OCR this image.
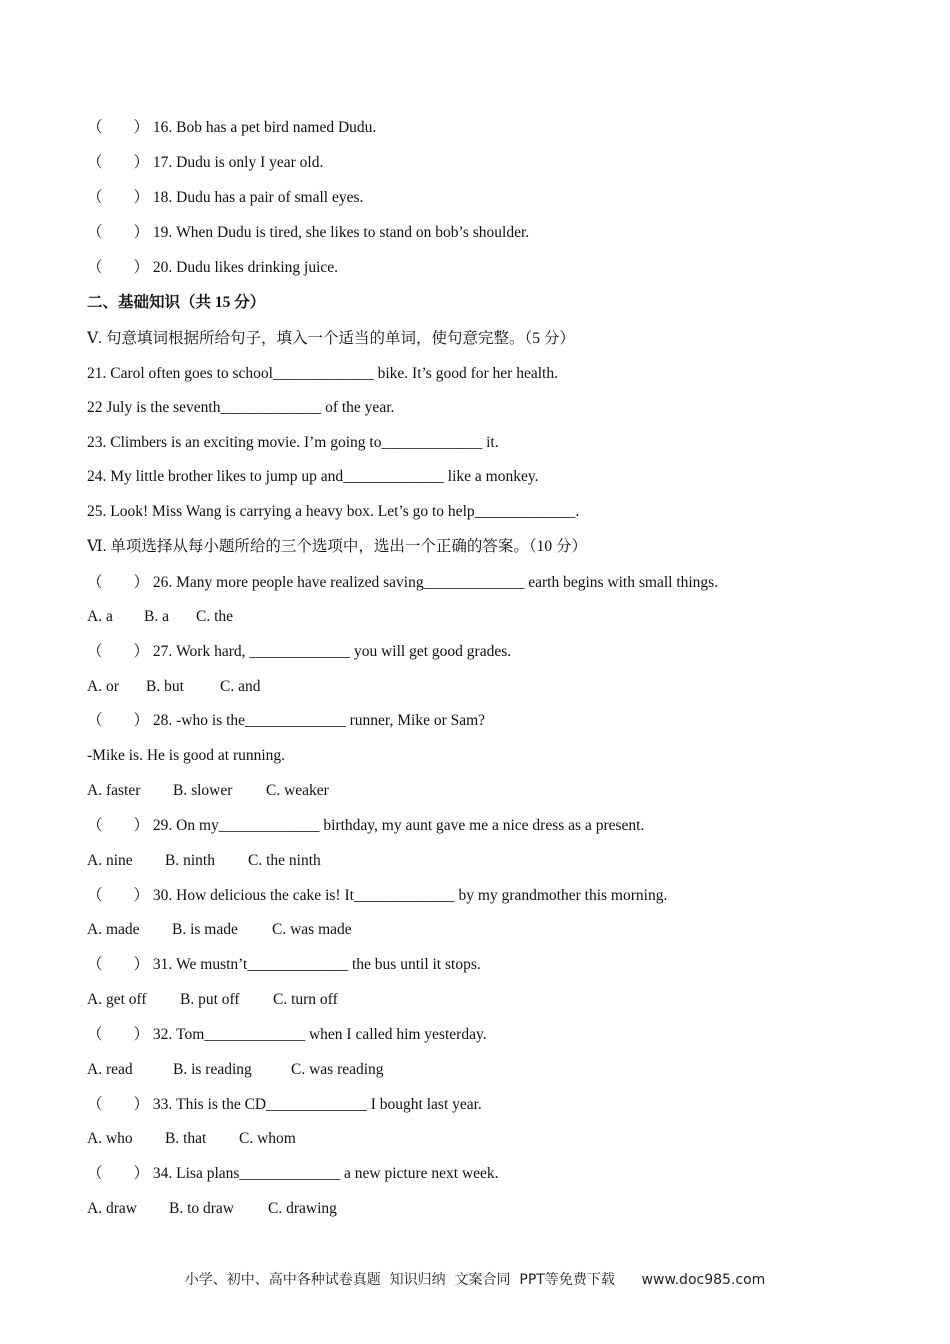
（        ） 16. Bob has a pet bird named Dudu.
（        ） 17. Dudu is only I year old.
（        ） 18. Dudu has a pair of small eyes.
（        ） 19. When Dudu is tired, she likes to stand on bob’s shoulder.
（        ） 20. Dudu likes drinking juice.
二、基础知识（共 15 分）
Ⅴ. 句意填词根据所给句子，填入一个适当的单词，使句意完整。（5 分）
21. Carol often goes to school_____________ bike. It’s good for her health.
22 July is the seventh_____________ of the year.
23. Climbers is an exciting movie. I’m going to_____________ it.
24. My little brother likes to jump up and_____________ like a monkey.
25. Look! Miss Wang is carrying a heavy box. Let’s go to help_____________.
Ⅵ. 单项选择从每小题所给的三个选项中，选出一个正确的答案。（10 分）
（        ） 26. Many more people have realized saving_____________ earth begins with small things.
A. a B. a C. the
（        ） 27. Work hard, _____________ you will get good grades.
A. or B. but C. and
（        ） 28. -who is the_____________ runner, Mike or Sam?
-Mike is. He is good at running.
A. faster B. slower C. weaker
（        ） 29. On my_____________ birthday, my aunt gave me a nice dress as a present.
A. nine B. ninth C. the ninth
（        ） 30. How delicious the cake is! It_____________ by my grandmother this morning.
A. made B. is made C. was made
（        ） 31. We mustn’t_____________ the bus until it stops.
A. get off B. put off C. turn off
（        ） 32. Tom_____________ when I called him yesterday.
A. read	B. is reading	C. was reading
（        ） 33. This is the CD_____________ I bought last year.
A. who B. that C. whom
（        ） 34. Lisa plans_____________ a new picture next week.
A. draw B. to draw C. drawing
小学、初中、高中各种试卷真题  知识归纳  文案合同  PPT等免费下载      www.doc985.com
